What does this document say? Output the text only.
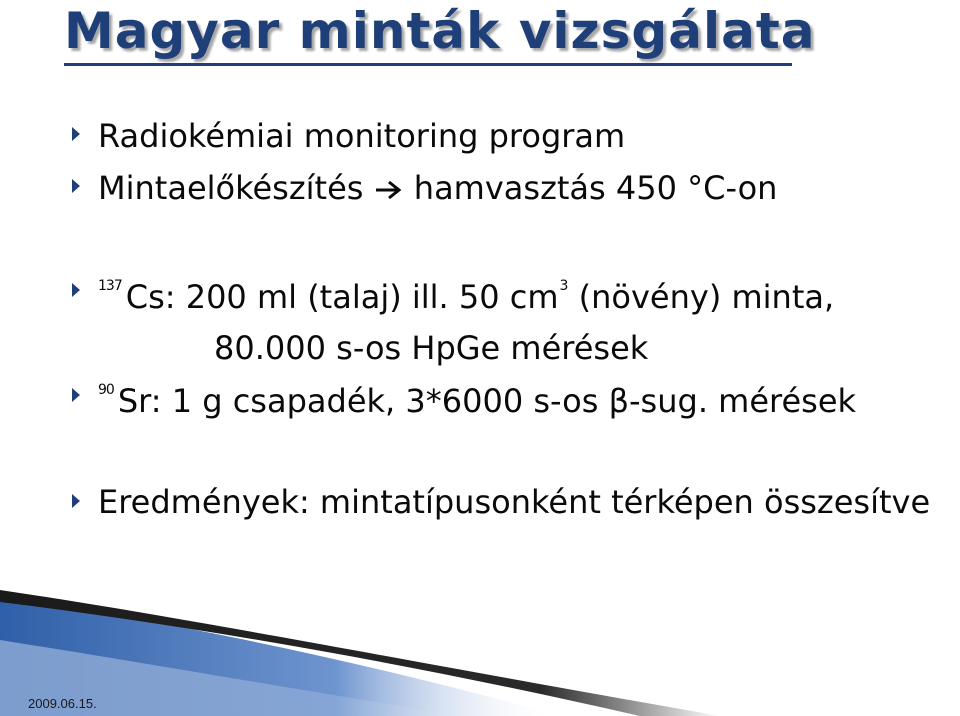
Magyar minták vizsgálata
Radiokémiai monitoring program
Mintaelőkészítés  hamvasztás 450 °C-on
$^{137}$ Cs: 200 ml (talaj) ill. 50 $cm^3$ (növény) minta,
80.000 s-os HpGe mérések
$^{90}$ Sr: 1 g csapadék, 3*6000 s-os β-sug. mérések
Eredmények: mintatípusonként térképen összesítve
2009.06.15.
